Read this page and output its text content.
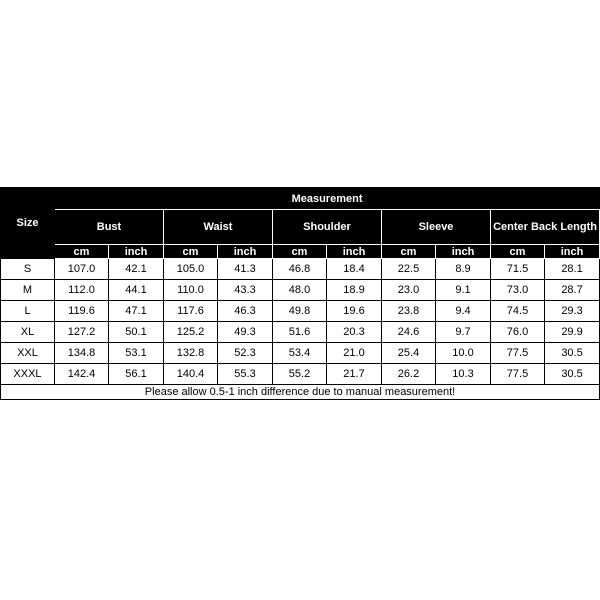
Size	Measurement									
	Bust		Waist		Shoulder		Sleeve		Center Back Length	
	cm	inch	cm	inch	cm	inch	cm	inch	cm	inch
S	107.0	42.1	105.0	41.3	46.8	18.4	22.5	8.9	71.5	28.1
M	112.0	44.1	110.0	43.3	48.0	18.9	23.0	9.1	73.0	28.7
L	119.6	47.1	117.6	46.3	49.8	19.6	23.8	9.4	74.5	29.3
XL	127.2	50.1	125.2	49.3	51.6	20.3	24.6	9.7	76.0	29.9
XXL	134.8	53.1	132.8	52.3	53.4	21.0	25.4	10.0	77.5	30.5
XXXL	142.4	56.1	140.4	55.3	55.2	21.7	26.2	10.3	77.5	30.5
Please allow 0.5-1 inch difference due to manual measurement!										
